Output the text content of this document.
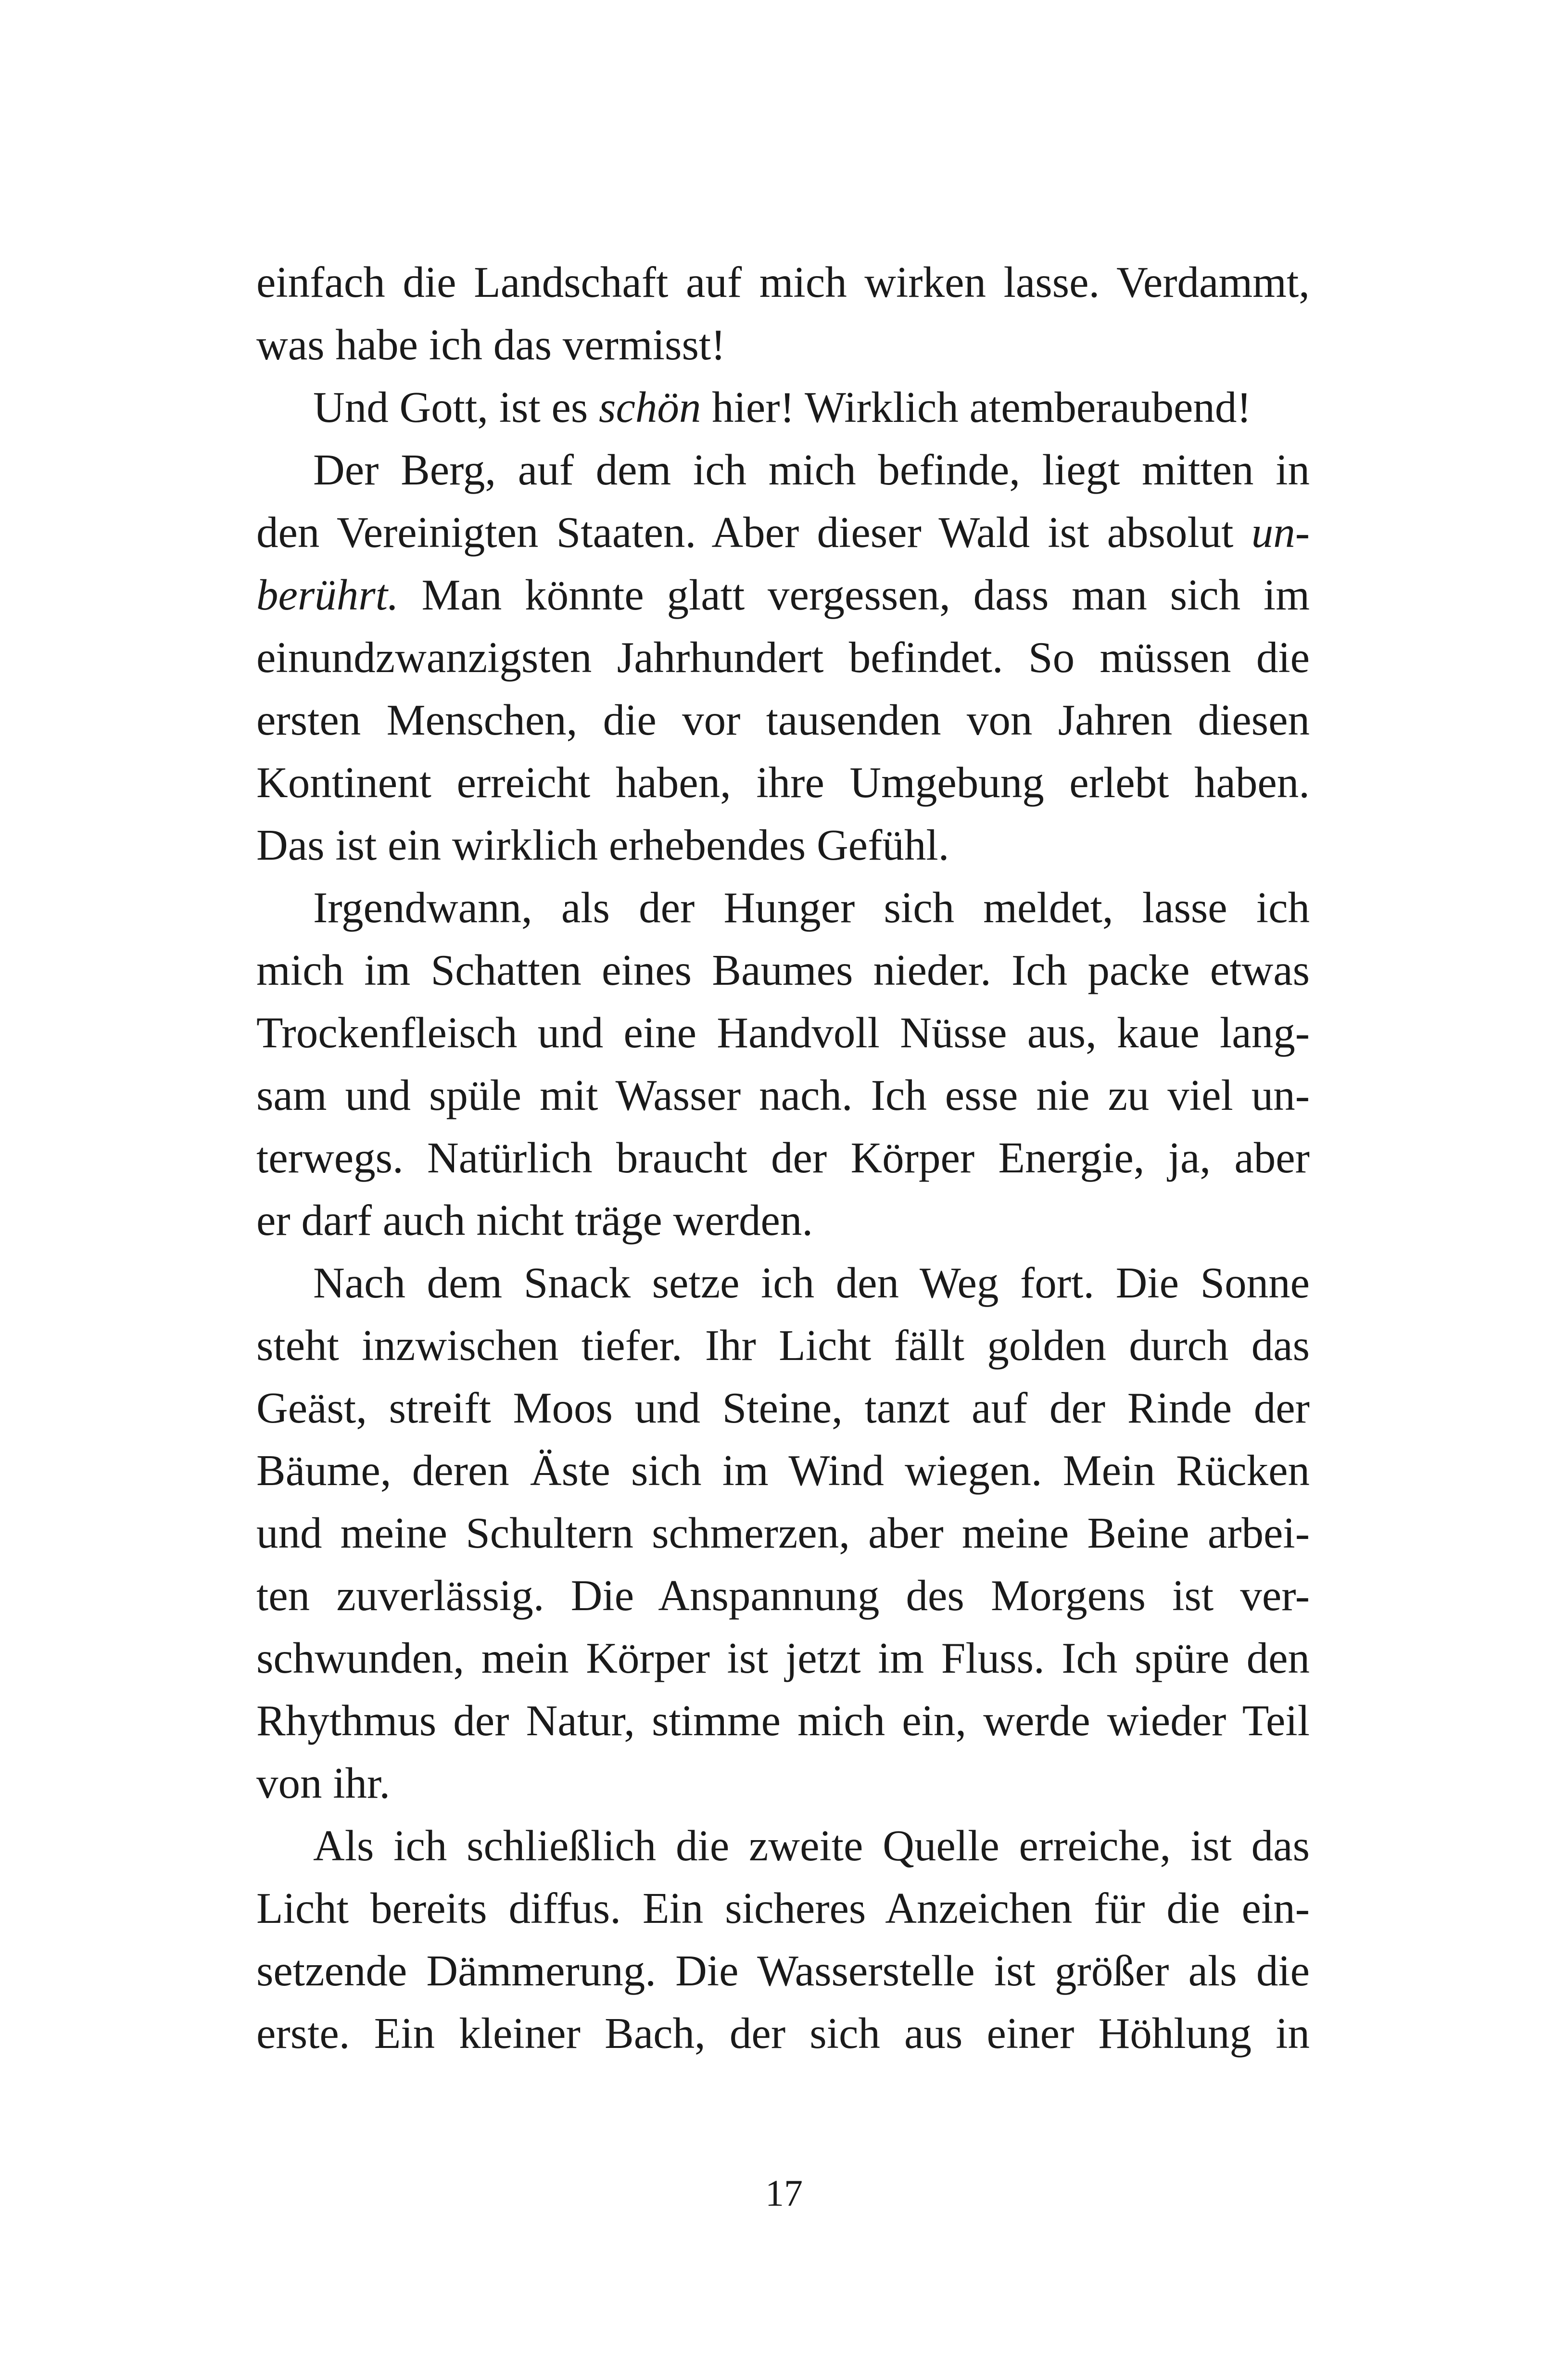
einfach die Landschaft auf mich wirken lasse. Verdammt,
was habe ich das vermisst!
Und Gott, ist es schön hier! Wirklich atemberaubend!
Der Berg, auf dem ich mich befinde, liegt mitten in
den Vereinigten Staaten. Aber dieser Wald ist absolut un-
berührt. Man könnte glatt vergessen, dass man sich im
einundzwanzigsten Jahrhundert befindet. So müssen die
ersten Menschen, die vor tausenden von Jahren diesen
Kontinent erreicht haben, ihre Umgebung erlebt haben.
Das ist ein wirklich erhebendes Gefühl.
Irgendwann, als der Hunger sich meldet, lasse ich
mich im Schatten eines Baumes nieder. Ich packe etwas
Trockenfleisch und eine Handvoll Nüsse aus, kaue lang-
sam und spüle mit Wasser nach. Ich esse nie zu viel un-
terwegs. Natürlich braucht der Körper Energie, ja, aber
er darf auch nicht träge werden.
Nach dem Snack setze ich den Weg fort. Die Sonne
steht inzwischen tiefer. Ihr Licht fällt golden durch das
Geäst, streift Moos und Steine, tanzt auf der Rinde der
Bäume, deren Äste sich im Wind wiegen. Mein Rücken
und meine Schultern schmerzen, aber meine Beine arbei-
ten zuverlässig. Die Anspannung des Morgens ist ver-
schwunden, mein Körper ist jetzt im Fluss. Ich spüre den
Rhythmus der Natur, stimme mich ein, werde wieder Teil
von ihr.
Als ich schließlich die zweite Quelle erreiche, ist das
Licht bereits diffus. Ein sicheres Anzeichen für die ein-
setzende Dämmerung. Die Wasserstelle ist größer als die
erste. Ein kleiner Bach, der sich aus einer Höhlung in
17
